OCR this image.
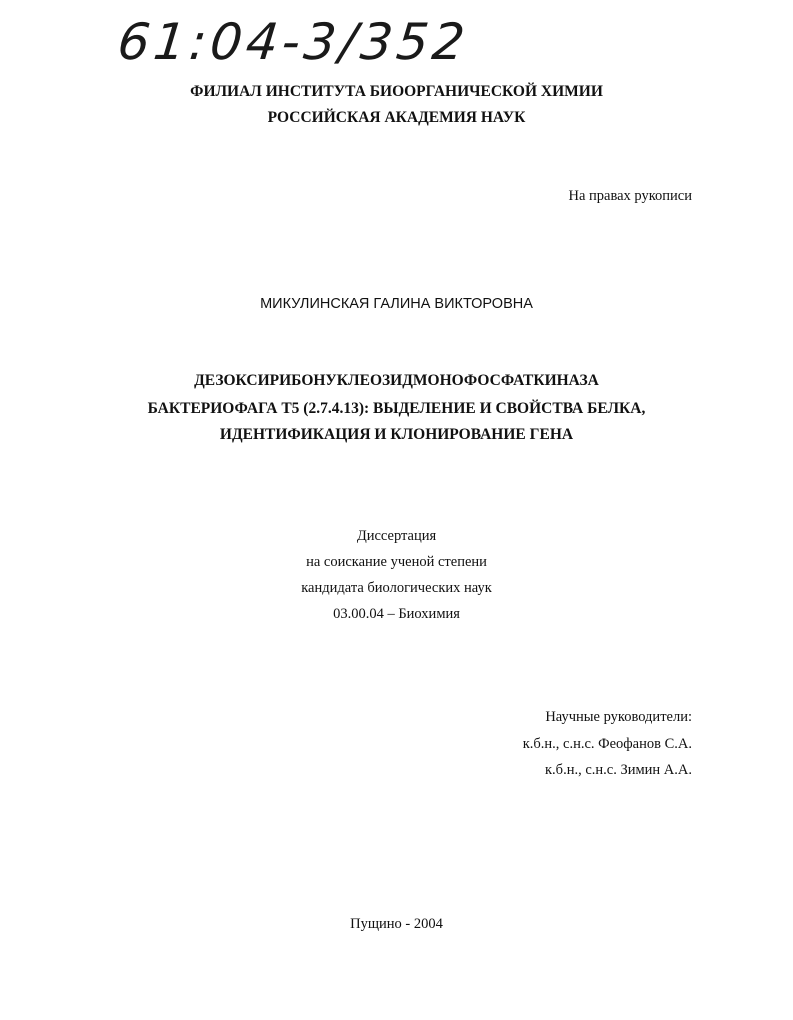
61:04-3/352

ФИЛИАЛ ИНСТИТУТА БИООРГАНИЧЕСКОЙ ХИМИИ

РОССИЙСКАЯ АКАДЕМИЯ НАУК

На правах рукописи

МИКУЛИНСКАЯ ГАЛИНА ВИКТОРОВНА

ДЕЗОКСИРИБОНУКЛЕОЗИДМОНОФОСФАТКИНАЗА

БАКТЕРИОФАГА Т5 (2.7.4.13): ВЫДЕЛЕНИЕ И СВОЙСТВА БЕЛКА,

ИДЕНТИФИКАЦИЯ И КЛОНИРОВАНИЕ ГЕНА

Диссертация

на соискание ученой степени

кандидата биологических наук

03.00.04 – Биохимия

Научные руководители:

к.б.н., с.н.с. Феофанов С.А.

к.б.н., с.н.с. Зимин А.А.

Пущино - 2004
